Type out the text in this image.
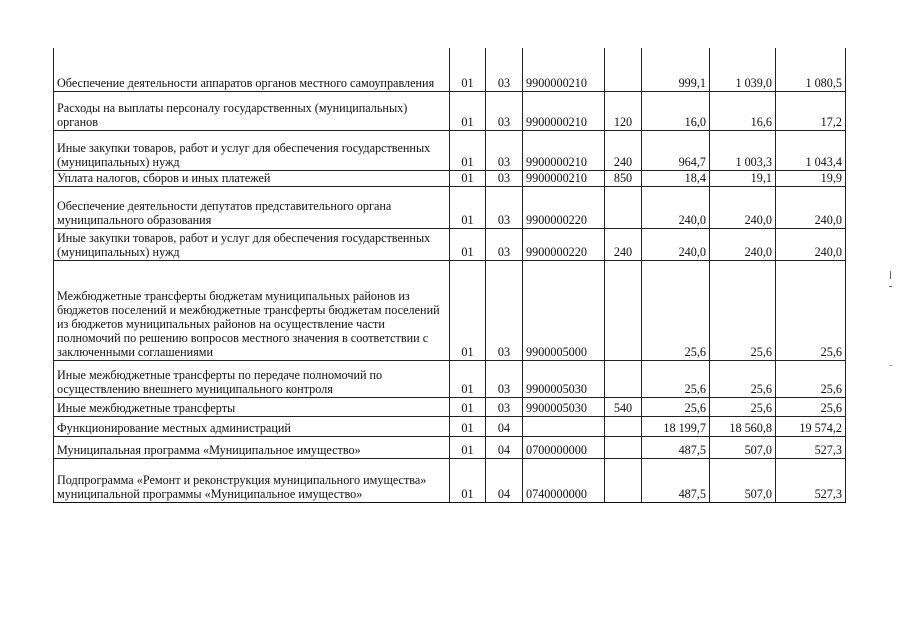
Обеспечение деятельности аппаратов органов местного самоуправления	01	03	9900000210		999,1	1 039,0	1 080,5
Расходы на выплаты персоналу государственных (муниципальных) органов	01	03	9900000210	120	16,0	16,6	17,2
Иные закупки товаров, работ и услуг для обеспечения государственных (муниципальных) нужд	01	03	9900000210	240	964,7	1 003,3	1 043,4
Уплата налогов, сборов и иных платежей	01	03	9900000210	850	18,4	19,1	19,9
Обеспечение деятельности депутатов представительного органа муниципального образования	01	03	9900000220		240,0	240,0	240,0
Иные закупки товаров, работ и услуг для обеспечения государственных (муниципальных) нужд	01	03	9900000220	240	240,0	240,0	240,0
Межбюджетные трансферты бюджетам муниципальных районов из бюджетов поселений и межбюджетные трансферты бюджетам поселений из бюджетов муниципальных районов на осуществление части полномочий по решению вопросов местного значения в соответствии с заключенными соглашениями	01	03	9900005000		25,6	25,6	25,6
Иные межбюджетные трансферты по передаче полномочий по осуществлению внешнего муниципального контроля	01	03	9900005030		25,6	25,6	25,6
Иные межбюджетные трансферты	01	03	9900005030	540	25,6	25,6	25,6
Функционирование местных администраций	01	04			18 199,7	18 560,8	19 574,2
Муниципальная программа «Муниципальное имущество»	01	04	0700000000		487,5	507,0	527,3
Подпрограмма «Ремонт и реконструкция муниципального имущества» муниципальной программы «Муниципальное имущество»	01	04	0740000000		487,5	507,0	527,3
